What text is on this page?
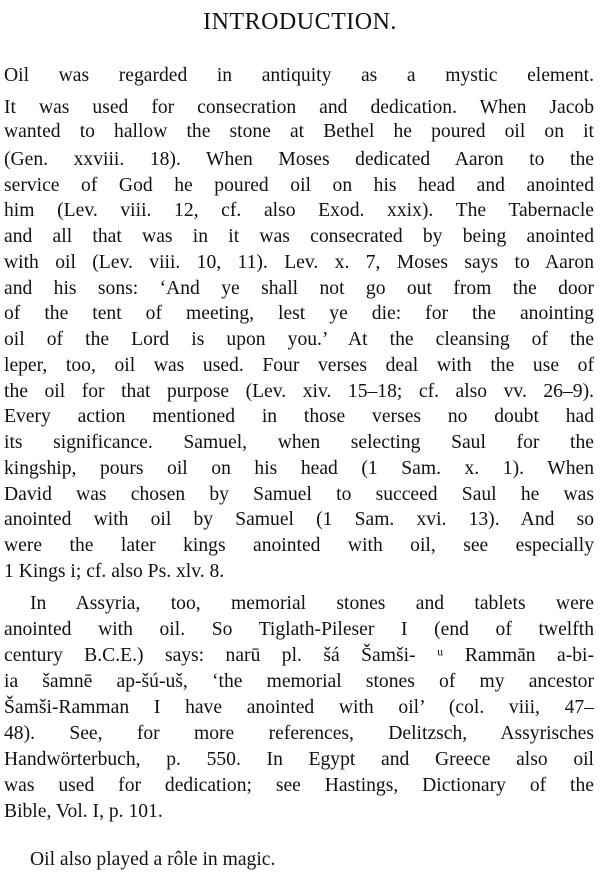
INTRODUCTION.
Oil was regarded in antiquity as a mystic element.
It was used for consecration and dedication. When Jacob
wanted to hallow the stone at Bethel he poured oil on it
(Gen. xxviii. 18). When Moses dedicated Aaron to the
service of God he poured oil on his head and anointed
him (Lev. viii. 12, cf. also Exod. xxix). The Tabernacle
and all that was in it was consecrated by being anointed
with oil (Lev. viii. 10, 11). Lev. x. 7, Moses says to Aaron
and his sons: ‘And ye shall not go out from the door
of the tent of meeting, lest ye die: for the anointing
oil of the Lord is upon you.’ At the cleansing of the
leper, too, oil was used. Four verses deal with the use of
the oil for that purpose (Lev. xiv. 15–18; cf. also vv. 26–9).
Every action mentioned in those verses no doubt had
its significance. Samuel, when selecting Saul for the
kingship, pours oil on his head (1 Sam. x. 1). When
David was chosen by Samuel to succeed Saul he was
anointed with oil by Samuel (1 Sam. xvi. 13). And so
were the later kings anointed with oil, see especially
1 Kings i; cf. also Ps. xlv. 8.
In Assyria, too, memorial stones and tablets were
anointed with oil. So Tiglath-Pileser I (end of twelfth
century B.C.E.) says: narū pl. šá Šamši- ᵘ Rammān a-bi-
ia šamnē ap-šú-uš, ‘the memorial stones of my ancestor
Šamši-Ramman I have anointed with oil’ (col. viii, 47–
48). See, for more references, Delitzsch, Assyrisches
Handwörterbuch, p. 550. In Egypt and Greece also oil
was used for dedication; see Hastings, Dictionary of the
Bible, Vol. I, p. 101.
Oil also played a rôle in magic.
